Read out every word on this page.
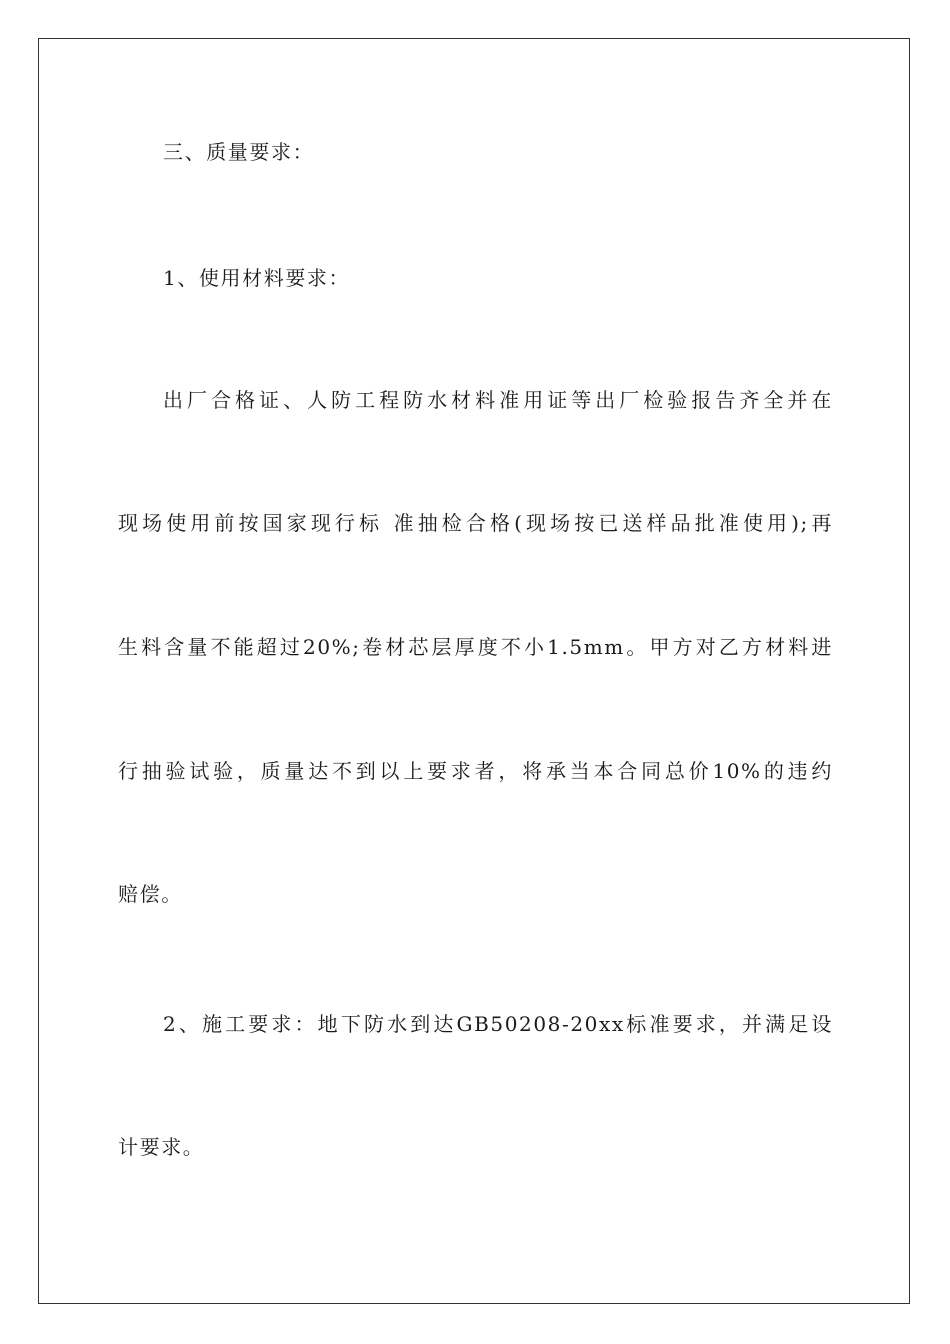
三、质量要求：
1、使用材料要求：
出厂合格证、人防工程防水材料准用证等出厂检验报告齐全并在
现场使用前按国家现行标 准抽检合格(现场按已送样品批准使用);再
生料含量不能超过20%;卷材芯层厚度不小1.5mm。甲方对乙方材料进
行抽验试验，质量达不到以上要求者，将承当本合同总价10%的违约
赔偿。
2、施工要求：地下防水到达GB50208-20xx标准要求，并满足设
计要求。
